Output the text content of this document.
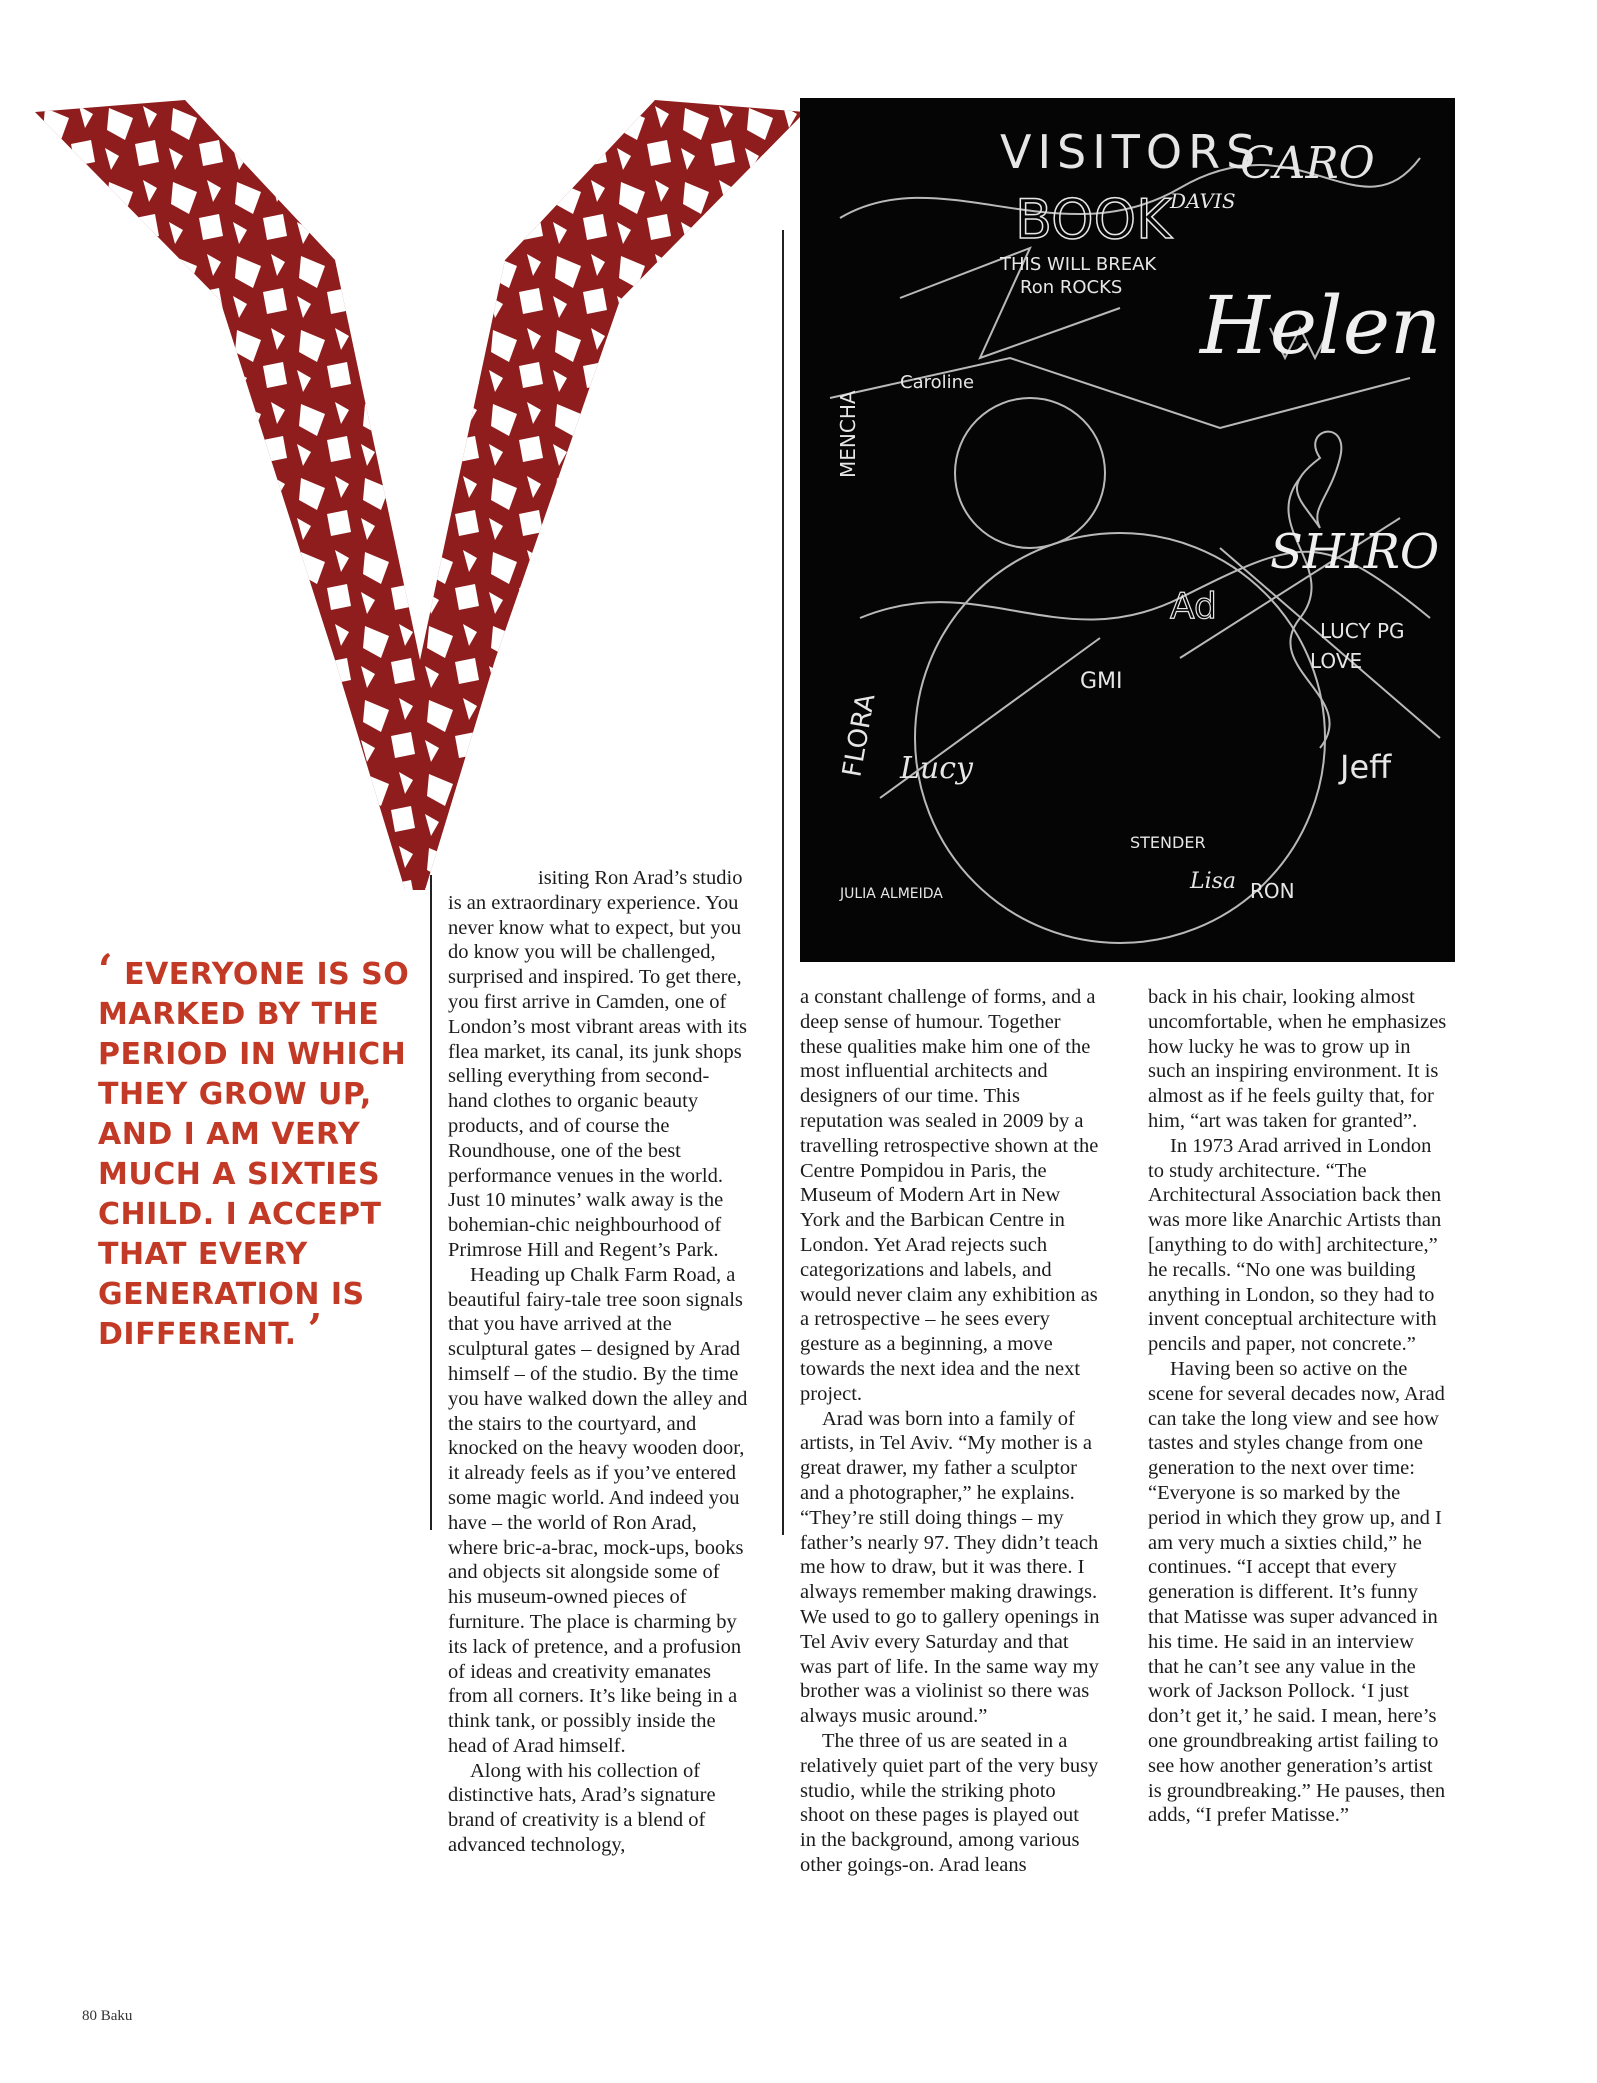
‘ EVERYONE IS SO MARKED BY THE PERIOD IN WHICH THEY GROW UP, AND I AM VERY MUCH A SIXTIES CHILD. I ACCEPT THAT EVERY GENERATION IS DIFFERENT. ’

isiting Ron Arad’s studio is an extraordinary experience. You never know what to expect, but you do know you will be challenged, surprised and inspired. To get there, you first arrive in Camden, one of London’s most vibrant areas with its flea market, its canal, its junk shops selling everything from second-hand clothes to organic beauty products, and of course the Roundhouse, one of the best performance venues in the world. Just 10 minutes’ walk away is the bohemian-chic neighbourhood of Primrose Hill and Regent’s Park.

Heading up Chalk Farm Road, a beautiful fairy-tale tree soon signals that you have arrived at the sculptural gates – designed by Arad himself – of the studio. By the time you have walked down the alley and the stairs to the courtyard, and knocked on the heavy wooden door, it already feels as if you’ve entered some magic world. And indeed you have – the world of Ron Arad, where bric-a-brac, mock-ups, books and objects sit alongside some of his museum-owned pieces of furniture. The place is charming by its lack of pretence, and a profusion of ideas and creativity emanates from all corners. It’s like being in a think tank, or possibly inside the head of Arad himself.

Along with his collection of distinctive hats, Arad’s signature brand of creativity is a blend of advanced technology,

VISITORS
CARO
BOOK
THIS WILL BREAK
Ron ROCKS Helen
Caroline
MENCHA
FLORA Lucy
SHIRO
LUCY PG
LOVE
GMI
Ad
STENDER
JULIA ALMEIDA
Jeff
DAVIS
Lisa RON

a constant challenge of forms, and a deep sense of humour. Together these qualities make him one of the most influential architects and designers of our time. This reputation was sealed in 2009 by a travelling retrospective shown at the Centre Pompidou in Paris, the Museum of Modern Art in New York and the Barbican Centre in London. Yet Arad rejects such categorizations and labels, and would never claim any exhibition as a retrospective – he sees every gesture as a beginning, a move towards the next idea and the next project.

Arad was born into a family of artists, in Tel Aviv. “My mother is a great drawer, my father a sculptor and a photographer,” he explains. “They’re still doing things – my father’s nearly 97. They didn’t teach me how to draw, but it was there. I always remember making drawings. We used to go to gallery openings in Tel Aviv every Saturday and that was part of life. In the same way my brother was a violinist so there was always music around.”

The three of us are seated in a relatively quiet part of the very busy studio, while the striking photo shoot on these pages is played out in the background, among various other goings-on. Arad leans

back in his chair, looking almost uncomfortable, when he emphasizes how lucky he was to grow up in such an inspiring environment. It is almost as if he feels guilty that, for him, “art was taken for granted”.

In 1973 Arad arrived in London to study architecture. “The Architectural Association back then was more like Anarchic Artists than [anything to do with] architecture,” he recalls. “No one was building anything in London, so they had to invent conceptual architecture with pencils and paper, not concrete.”

Having been so active on the scene for several decades now, Arad can take the long view and see how tastes and styles change from one generation to the next over time: “Everyone is so marked by the period in which they grow up, and I am very much a sixties child,” he continues. “I accept that every generation is different. It’s funny that Matisse was super advanced in his time. He said in an interview that he can’t see any value in the work of Jackson Pollock. ‘I just don’t get it,’ he said. I mean, here’s one groundbreaking artist failing to see how another generation’s artist is groundbreaking.” He pauses, then adds, “I prefer Matisse.”

80 Baku
